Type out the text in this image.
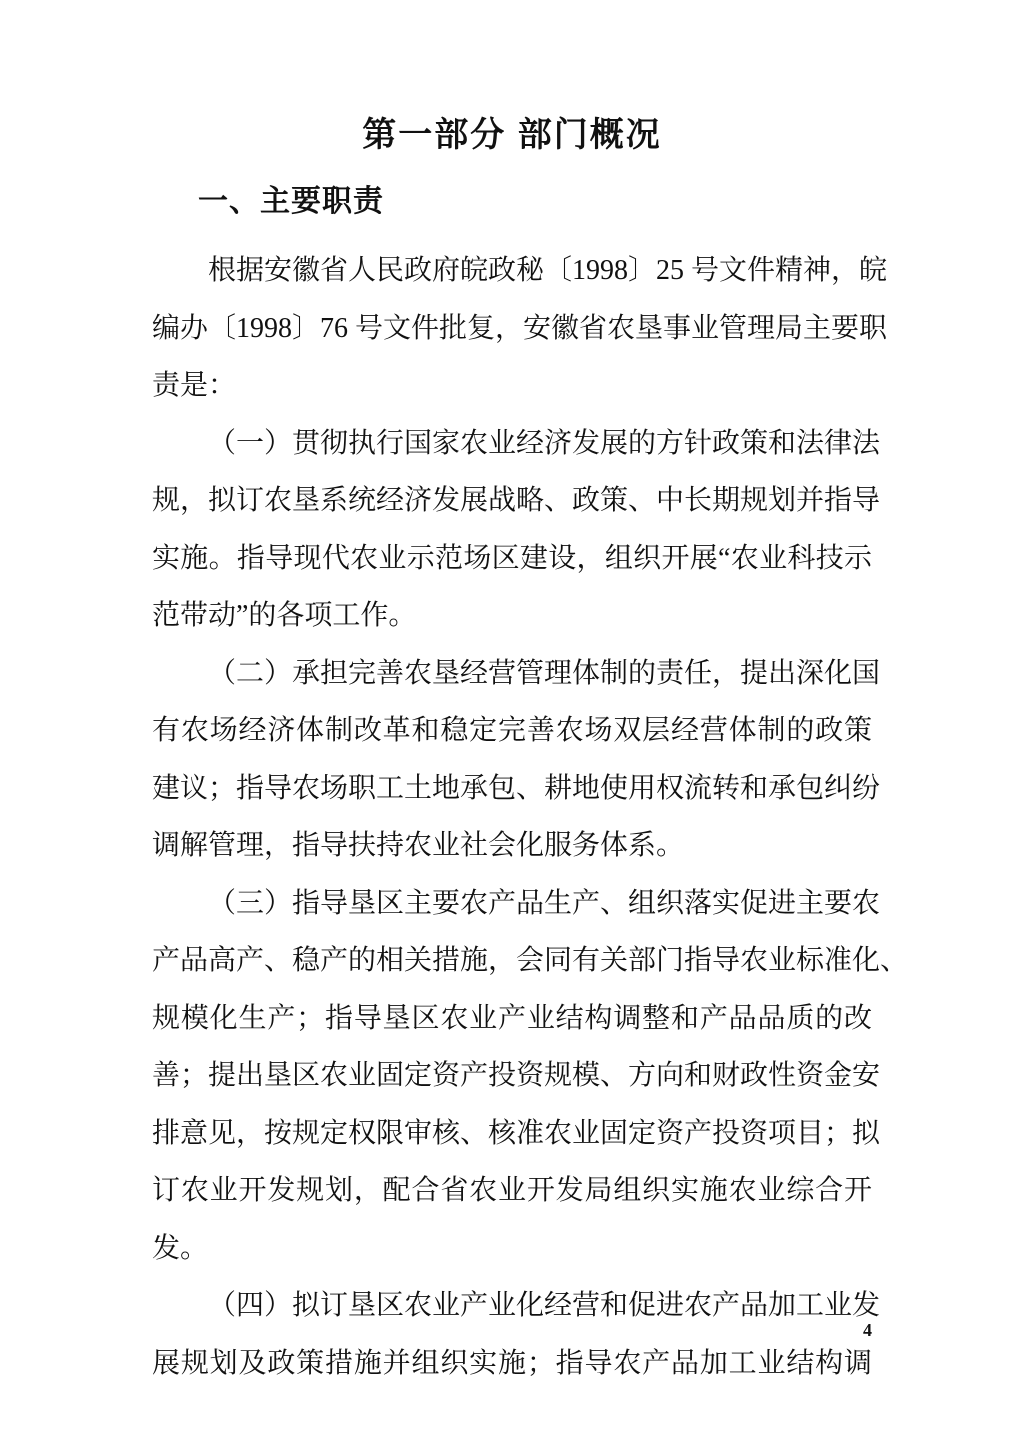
第一部分 部门概况
一、主要职责
根据安徽省人民政府皖政秘〔1998〕25 号文件精神，皖
编办〔1998〕76 号文件批复，安徽省农垦事业管理局主要职
责是：
（一）贯彻执行国家农业经济发展的方针政策和法律法
规，拟订农垦系统经济发展战略、政策、中长期规划并指导
实施。指导现代农业示范场区建设，组织开展“农业科技示
范带动”的各项工作。
（二）承担完善农垦经营管理体制的责任，提出深化国
有农场经济体制改革和稳定完善农场双层经营体制的政策
建议；指导农场职工土地承包、耕地使用权流转和承包纠纷
调解管理，指导扶持农业社会化服务体系。
（三）指导垦区主要农产品生产、组织落实促进主要农
产品高产、稳产的相关措施，会同有关部门指导农业标准化、
规模化生产；指导垦区农业产业结构调整和产品品质的改
善；提出垦区农业固定资产投资规模、方向和财政性资金安
排意见，按规定权限审核、核准农业固定资产投资项目；拟
订农业开发规划，配合省农业开发局组织实施农业综合开
发。
（四）拟订垦区农业产业化经营和促进农产品加工业发
展规划及政策措施并组织实施；指导农产品加工业结构调
4
